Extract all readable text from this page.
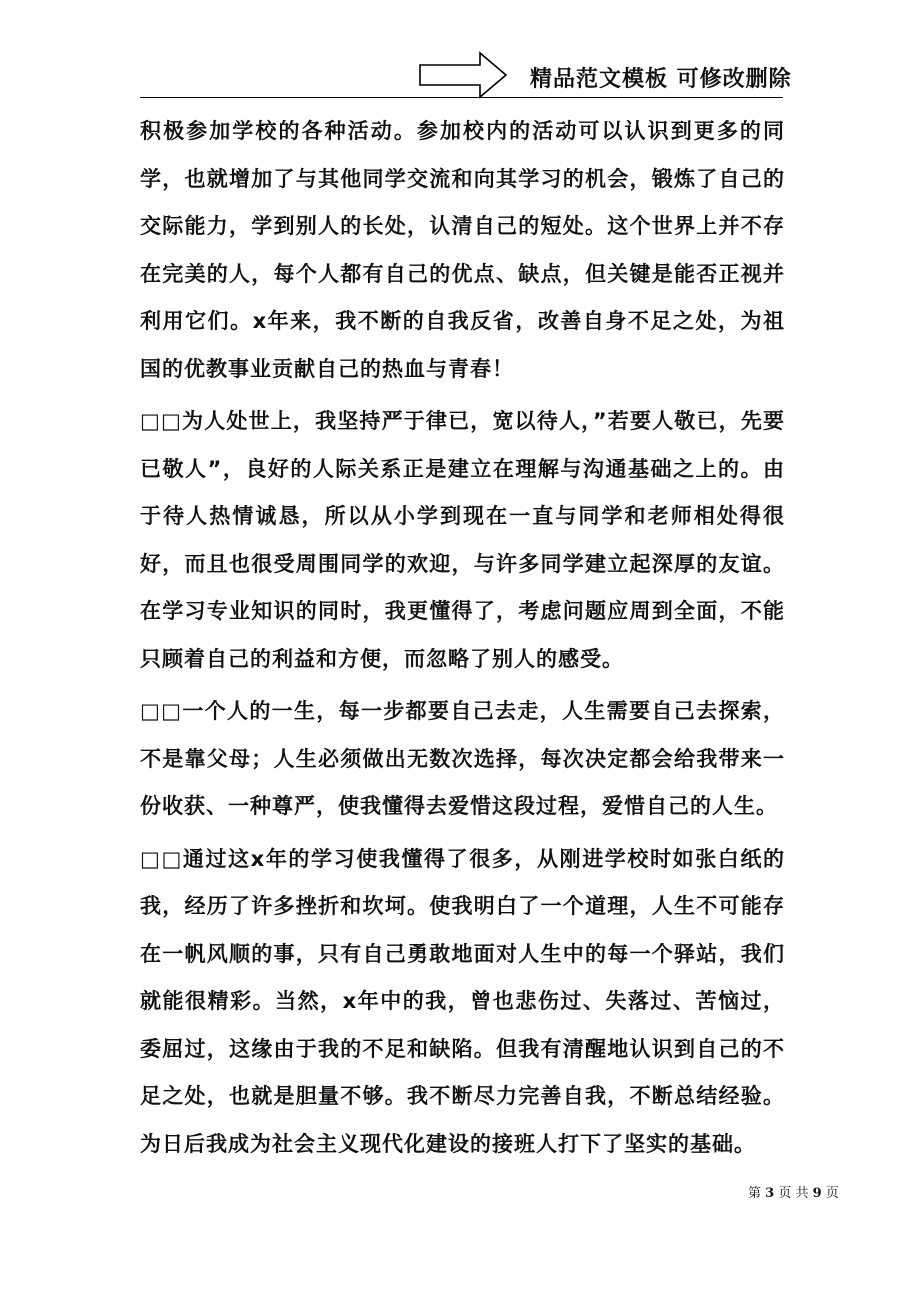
精品范文模板 可修改删除

积极参加学校的各种活动。参加校内的活动可以认识到更多的同学，也就增加了与其他同学交流和向其学习的机会，锻炼了自己的交际能力，学到别人的长处，认清自己的短处。这个世界上并不存在完美的人，每个人都有自己的优点、缺点，但关键是能否正视并利用它们。x年来，我不断的自我反省，改善自身不足之处，为祖国的优教事业贡献自己的热血与青春！

□□为人处世上，我坚持严于律已，宽以待人，”若要人敬已，先要已敬人”，良好的人际关系正是建立在理解与沟通基础之上的。由于待人热情诚恳，所以从小学到现在一直与同学和老师相处得很好，而且也很受周围同学的欢迎，与许多同学建立起深厚的友谊。在学习专业知识的同时，我更懂得了，考虑问题应周到全面，不能只顾着自己的利益和方便，而忽略了别人的感受。

□□一个人的一生，每一步都要自己去走，人生需要自己去探索，不是靠父母；人生必须做出无数次选择，每次决定都会给我带来一份收获、一种尊严，使我懂得去爱惜这段过程，爱惜自己的人生。

□□通过这x年的学习使我懂得了很多，从刚进学校时如张白纸的我，经历了许多挫折和坎坷。使我明白了一个道理，人生不可能存在一帆风顺的事，只有自己勇敢地面对人生中的每一个驿站，我们就能很精彩。当然，x年中的我，曾也悲伤过、失落过、苦恼过，委屈过，这缘由于我的不足和缺陷。但我有清醒地认识到自己的不足之处，也就是胆量不够。我不断尽力完善自我，不断总结经验。为日后我成为社会主义现代化建设的接班人打下了坚实的基础。

第 3 页 共 9 页
